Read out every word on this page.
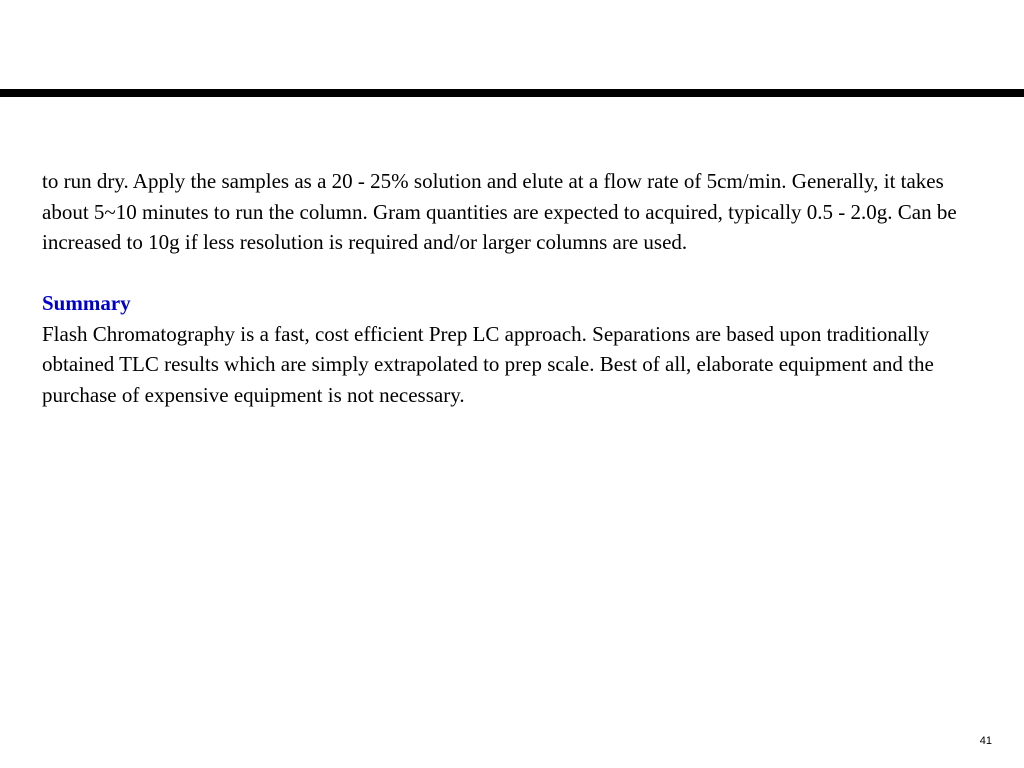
to run dry. Apply the samples as a 20 - 25% solution and elute at a flow rate of 5cm/min. Generally, it takes about 5~10 minutes to run the column. Gram quantities are expected to acquired, typically 0.5 - 2.0g. Can be increased to 10g if less resolution is required and/or larger columns are used.

Summary

Flash Chromatography is a fast, cost efficient Prep LC approach. Separations are based upon traditionally obtained TLC results which are simply extrapolated to prep scale. Best of all, elaborate equipment and the purchase of expensive equipment is not necessary.

41
